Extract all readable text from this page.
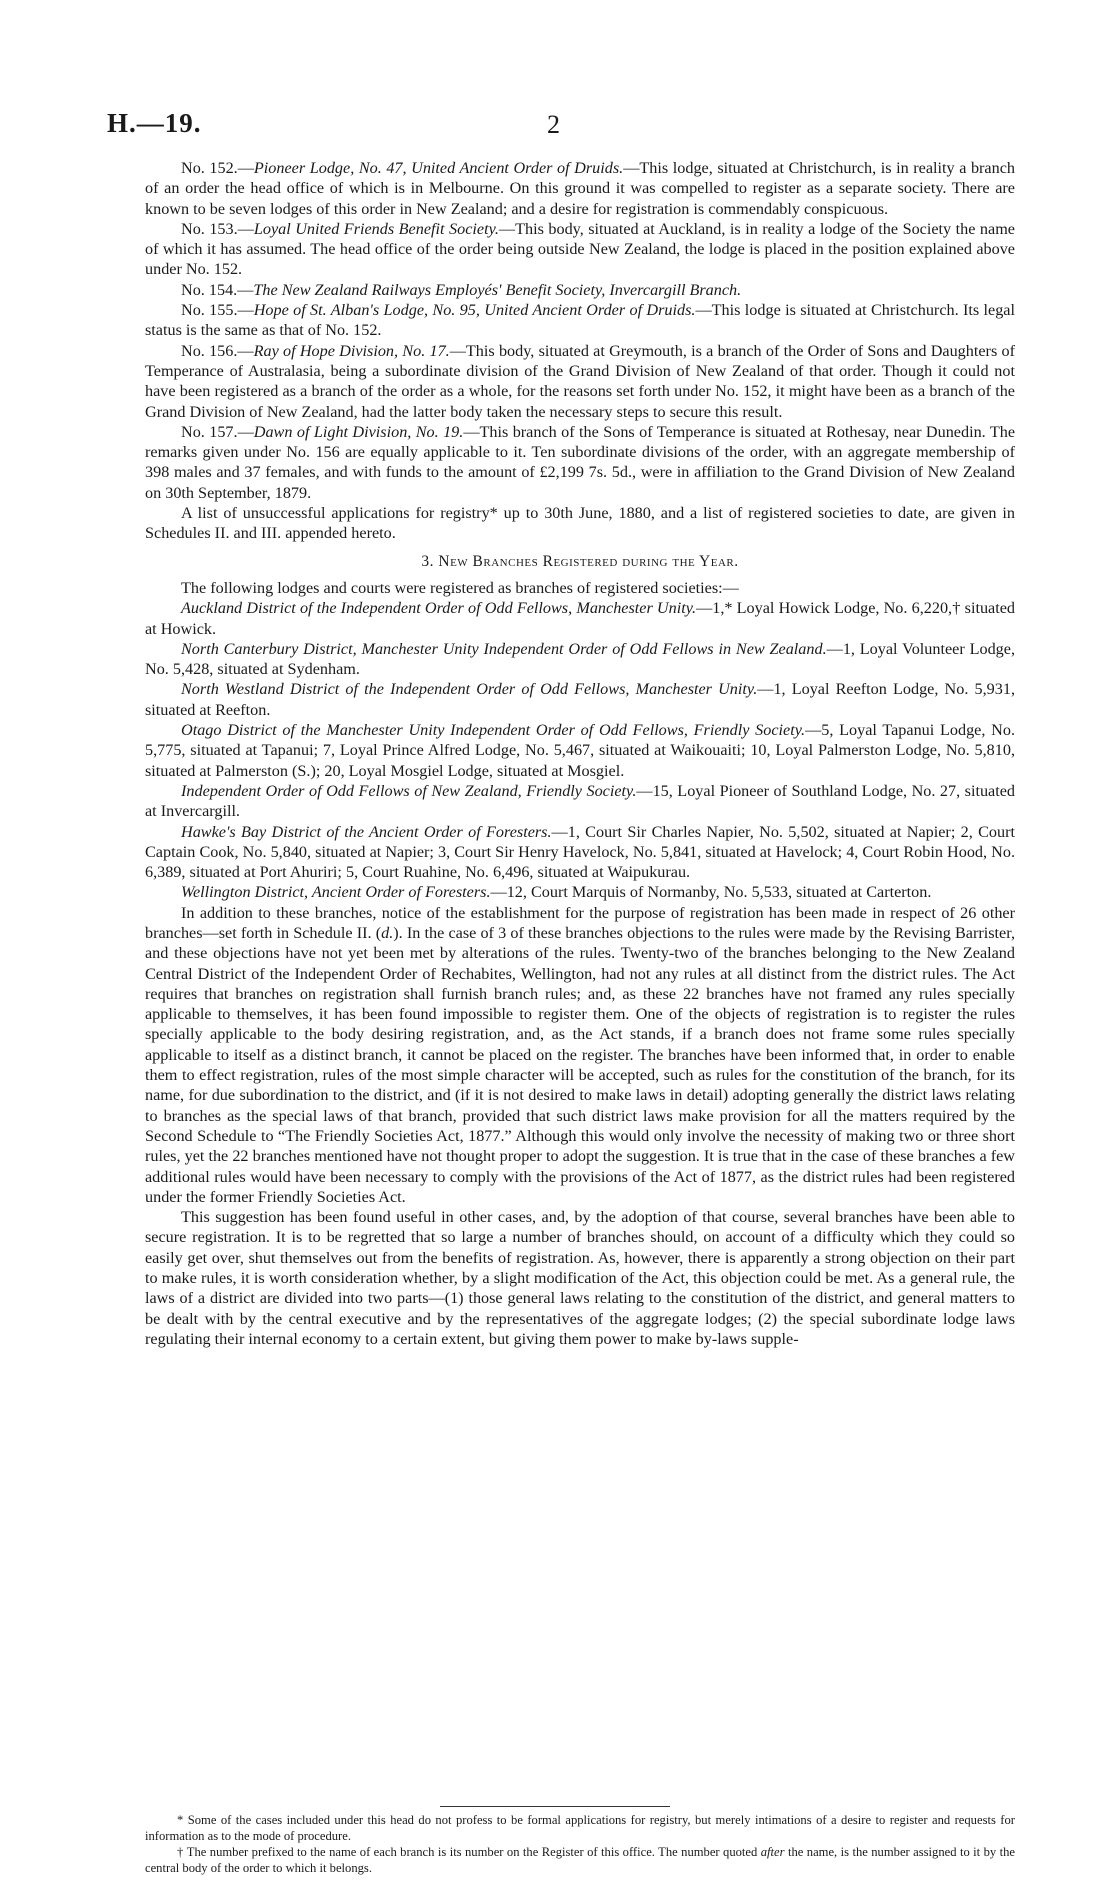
H.—19.	2

No. 152.—Pioneer Lodge, No. 47, United Ancient Order of Druids.—This lodge, situated at Christchurch, is in reality a branch of an order the head office of which is in Melbourne. On this ground it was compelled to register as a separate society. There are known to be seven lodges of this order in New Zealand; and a desire for registration is commendably conspicuous.

No. 153.—Loyal United Friends Benefit Society.—This body, situated at Auckland, is in reality a lodge of the Society the name of which it has assumed. The head office of the order being outside New Zealand, the lodge is placed in the position explained above under No. 152.

No. 154.—The New Zealand Railways Employés' Benefit Society, Invercargill Branch.

No. 155.—Hope of St. Alban's Lodge, No. 95, United Ancient Order of Druids.—This lodge is situated at Christchurch. Its legal status is the same as that of No. 152.

No. 156.—Ray of Hope Division, No. 17.—This body, situated at Greymouth, is a branch of the Order of Sons and Daughters of Temperance of Australasia, being a subordinate division of the Grand Division of New Zealand of that order. Though it could not have been registered as a branch of the order as a whole, for the reasons set forth under No. 152, it might have been as a branch of the Grand Division of New Zealand, had the latter body taken the necessary steps to secure this result.

No. 157.—Dawn of Light Division, No. 19.—This branch of the Sons of Temperance is situated at Rothesay, near Dunedin. The remarks given under No. 156 are equally applicable to it. Ten subordinate divisions of the order, with an aggregate membership of 398 males and 37 females, and with funds to the amount of £2,199 7s. 5d., were in affiliation to the Grand Division of New Zealand on 30th September, 1879.

A list of unsuccessful applications for registry* up to 30th June, 1880, and a list of registered societies to date, are given in Schedules II. and III. appended hereto.

3. New Branches Registered during the Year.

The following lodges and courts were registered as branches of registered societies:—

Auckland District of the Independent Order of Odd Fellows, Manchester Unity.—1,* Loyal Howick Lodge, No. 6,220,† situated at Howick.

North Canterbury District, Manchester Unity Independent Order of Odd Fellows in New Zealand.—1, Loyal Volunteer Lodge, No. 5,428, situated at Sydenham.

North Westland District of the Independent Order of Odd Fellows, Manchester Unity.—1, Loyal Reefton Lodge, No. 5,931, situated at Reefton.

Otago District of the Manchester Unity Independent Order of Odd Fellows, Friendly Society.—5, Loyal Tapanui Lodge, No. 5,775, situated at Tapanui; 7, Loyal Prince Alfred Lodge, No. 5,467, situated at Waikouaiti; 10, Loyal Palmerston Lodge, No. 5,810, situated at Palmerston (S.); 20, Loyal Mosgiel Lodge, situated at Mosgiel.

Independent Order of Odd Fellows of New Zealand, Friendly Society.—15, Loyal Pioneer of Southland Lodge, No. 27, situated at Invercargill.

Hawke's Bay District of the Ancient Order of Foresters.—1, Court Sir Charles Napier, No. 5,502, situated at Napier; 2, Court Captain Cook, No. 5,840, situated at Napier; 3, Court Sir Henry Havelock, No. 5,841, situated at Havelock; 4, Court Robin Hood, No. 6,389, situated at Port Ahuriri; 5, Court Ruahine, No. 6,496, situated at Waipukurau.

Wellington District, Ancient Order of Foresters.—12, Court Marquis of Normanby, No. 5,533, situated at Carterton.

In addition to these branches, notice of the establishment for the purpose of registration has been made in respect of 26 other branches—set forth in Schedule II. (d.). In the case of 3 of these branches objections to the rules were made by the Revising Barrister, and these objections have not yet been met by alterations of the rules. Twenty-two of the branches belonging to the New Zealand Central District of the Independent Order of Rechabites, Wellington, had not any rules at all distinct from the district rules. The Act requires that branches on registration shall furnish branch rules; and, as these 22 branches have not framed any rules specially applicable to themselves, it has been found impossible to register them. One of the objects of registration is to register the rules specially applicable to the body desiring registration, and, as the Act stands, if a branch does not frame some rules specially applicable to itself as a distinct branch, it cannot be placed on the register. The branches have been informed that, in order to enable them to effect registration, rules of the most simple character will be accepted, such as rules for the constitution of the branch, for its name, for due subordination to the district, and (if it is not desired to make laws in detail) adopting generally the district laws relating to branches as the special laws of that branch, provided that such district laws make provision for all the matters required by the Second Schedule to “The Friendly Societies Act, 1877.” Although this would only involve the necessity of making two or three short rules, yet the 22 branches mentioned have not thought proper to adopt the suggestion. It is true that in the case of these branches a few additional rules would have been necessary to comply with the provisions of the Act of 1877, as the district rules had been registered under the former Friendly Societies Act.

This suggestion has been found useful in other cases, and, by the adoption of that course, several branches have been able to secure registration. It is to be regretted that so large a number of branches should, on account of a difficulty which they could so easily get over, shut themselves out from the benefits of registration. As, however, there is apparently a strong objection on their part to make rules, it is worth consideration whether, by a slight modification of the Act, this objection could be met. As a general rule, the laws of a district are divided into two parts—(1) those general laws relating to the constitution of the district, and general matters to be dealt with by the central executive and by the representatives of the aggregate lodges; (2) the special subordinate lodge laws regulating their internal economy to a certain extent, but giving them power to make by-laws supple-

* Some of the cases included under this head do not profess to be formal applications for registry, but merely intimations of a desire to register and requests for information as to the mode of procedure.

† The number prefixed to the name of each branch is its number on the Register of this office. The number quoted after the name, is the number assigned to it by the central body of the order to which it belongs.
